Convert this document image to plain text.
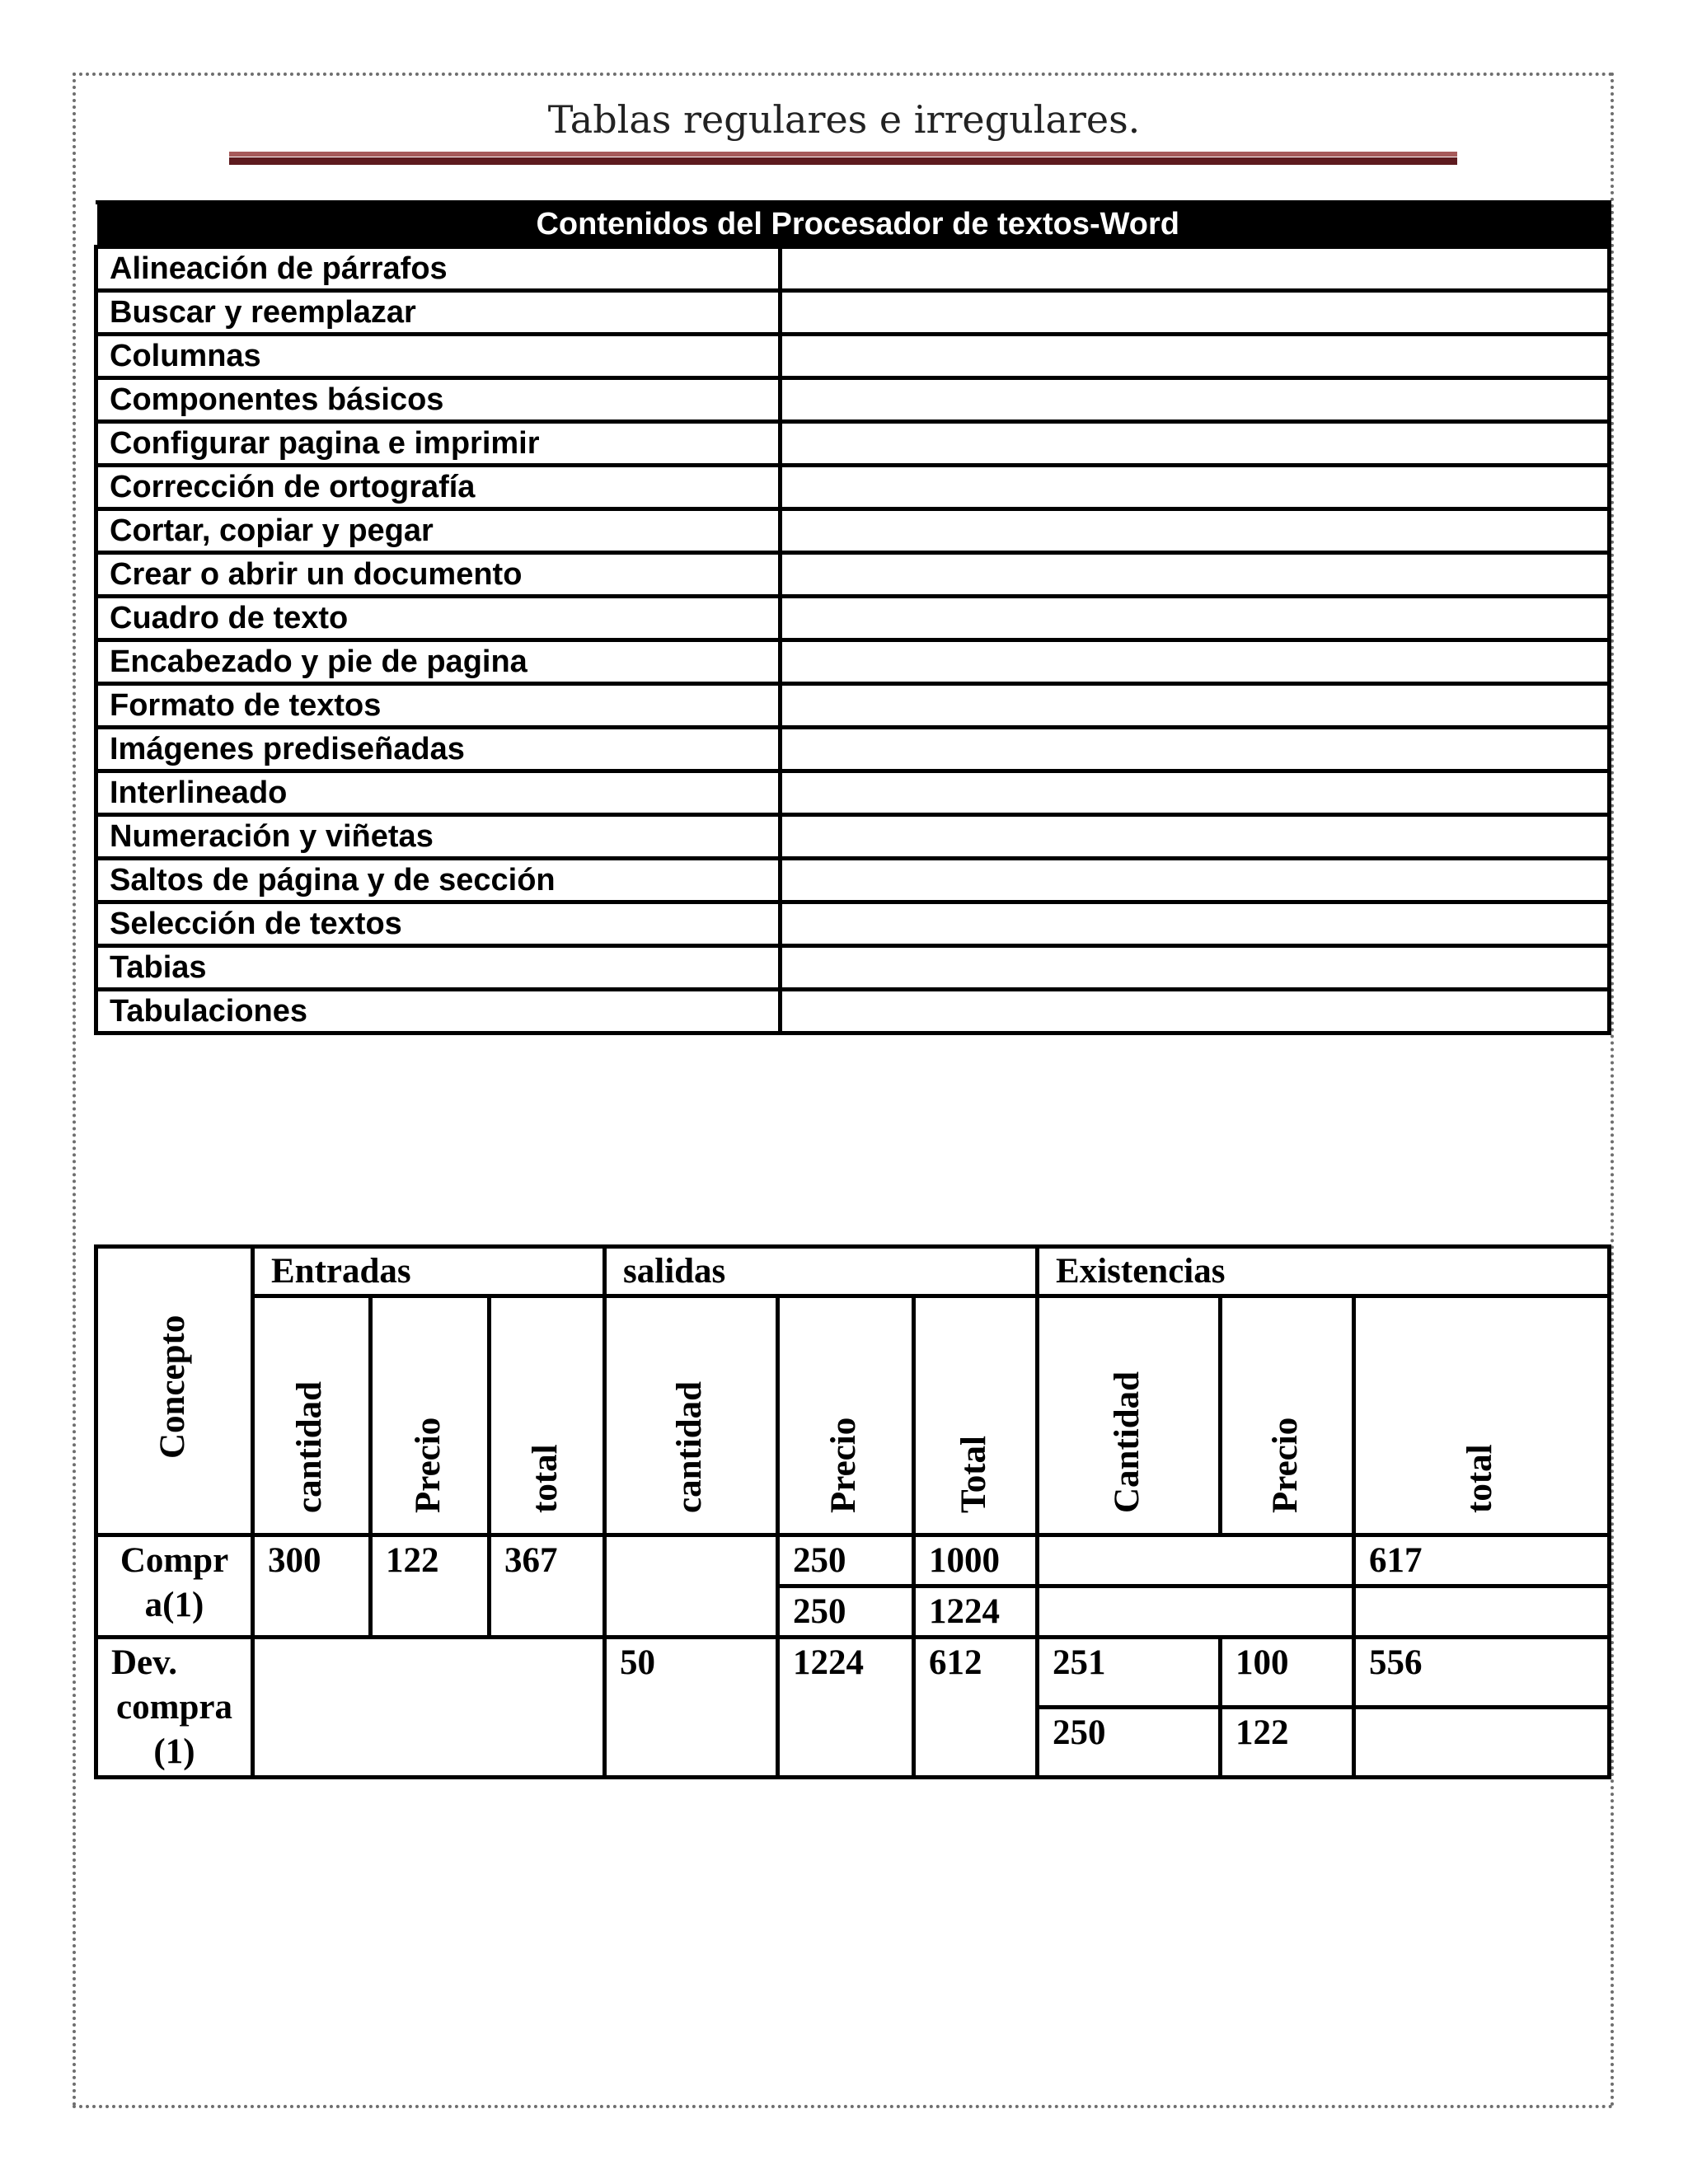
Tablas regulares e irregulares.
Contenidos del Procesador de textos-Word	
Alineación de párrafos	
Buscar y reemplazar	
Columnas	
Componentes básicos	
Configurar pagina e imprimir	
Corrección de ortografía	
Cortar, copiar y pegar	
Crear o abrir un documento	
Cuadro de texto	
Encabezado y pie de pagina	
Formato de textos	
Imágenes prediseñadas	
Interlineado	
Numeración y viñetas	
Saltos de página y de sección	
Selección de textos	
Tabias	
Tabulaciones	
Concepto	Entradas			salidas			Existencias		

	cantidad	Precio	total	cantidad	Precio	Total	Cantidad	Precio	total

Compr a(1)	300	122	367		250	1000			617
					250	1224			

Dev.
compra
(1)				50	1224	612	251	100	556
							250	122	
